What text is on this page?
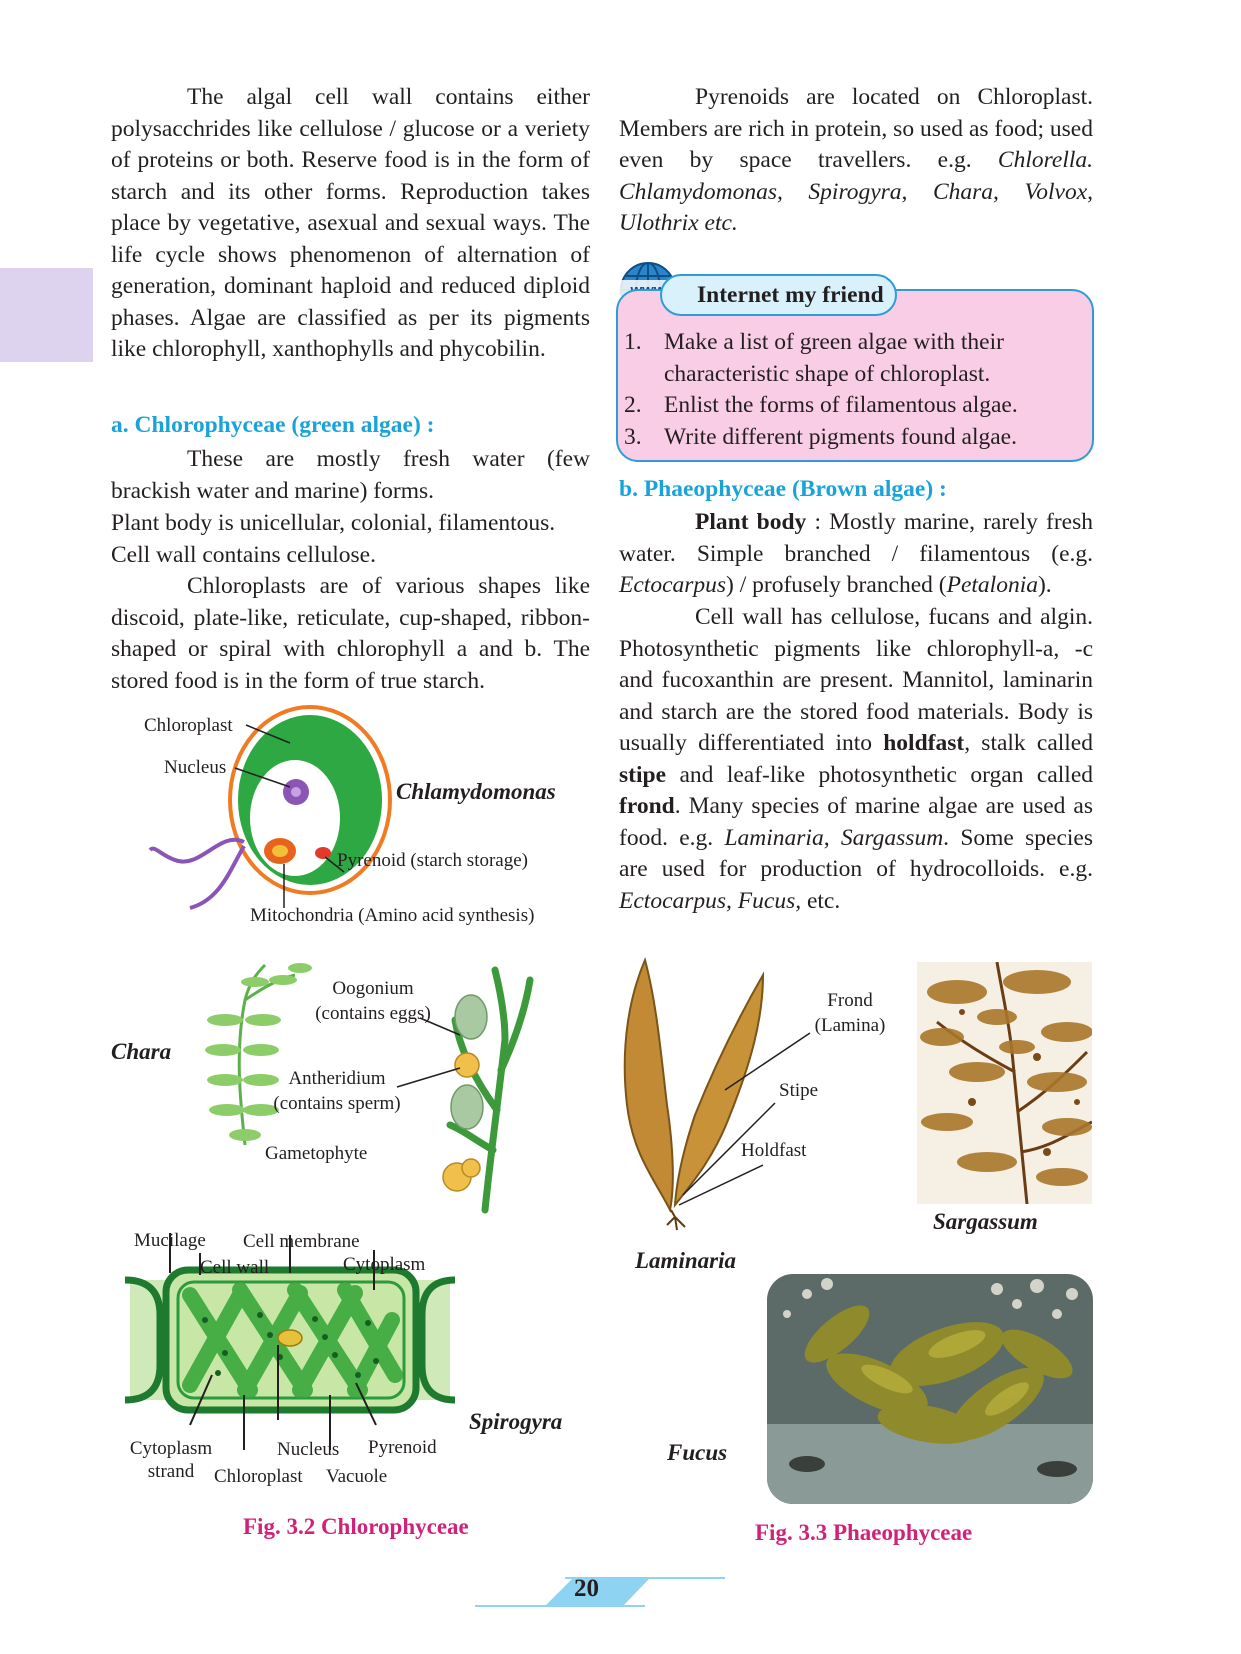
The algal cell wall contains either polysacchrides like cellulose / glucose or a veriety of proteins or both. Reserve food is in the form of starch and its other forms. Reproduction takes place by vegetative, asexual and sexual ways. The life cycle shows phenomenon of alternation of generation, dominant haploid and reduced diploid phases. Algae are classified as per its pigments like chlorophyll, xanthophylls and phycobilin.

a. Chlorophyceae (green algae) :

These are mostly fresh water (few brackish water and marine) forms.

Plant body is unicellular, colonial, filamentous.

Cell wall contains cellulose.

Chloroplasts are of various shapes like discoid, plate-like, reticulate, cup-shaped, ribbon-shaped or spiral with chlorophyll a and b. The stored food is in the form of true starch.

Pyrenoids are located on Chloroplast. Members are rich in protein, so used as food; used even by space travellers. e.g. Chlorella. Chlamydomonas, Spirogyra, Chara, Volvox, Ulothrix etc.

Internet my friend
1. Make a list of green algae with their characteristic shape of chloroplast.
2. Enlist the forms of filamentous algae.
3. Write different pigments found algae.

b. Phaeophyceae (Brown algae) :

Plant body : Mostly marine, rarely fresh water. Simple branched / filamentous (e.g. Ectocarpus) / profusely branched (Petalonia).

Cell wall has cellulose, fucans and algin. Photosynthetic pigments like chlorophyll-a, -c and fucoxanthin are present. Mannitol, laminarin and starch are the stored food materials. Body is usually differentiated into holdfast, stalk called stipe and leaf-like photosynthetic organ called frond. Many species of marine algae are used as food. e.g. Laminaria, Sargassum. Some species are used for production of hydrocolloids. e.g. Ectocarpus, Fucus, etc.

Chloroplast
Nucleus
Chlamydomonas
Pyrenoid (starch storage)
Mitochondria (Amino acid synthesis)
Oogonium
(contains eggs)
Chara
Antheridium
(contains sperm)
Gametophyte
Mucilage Cell membrane
Cell wall	Cytoplasm
Spirogyra
Cytoplasm
strand
Nucleus Pyrenoid
Chloroplast Vacuole
Fig. 3.2 Chlorophyceae
Frond
(Lamina)
Stipe
Holdfast
Laminaria
Sargassum
Fucus
Fig. 3.3 Phaeophyceae
20
